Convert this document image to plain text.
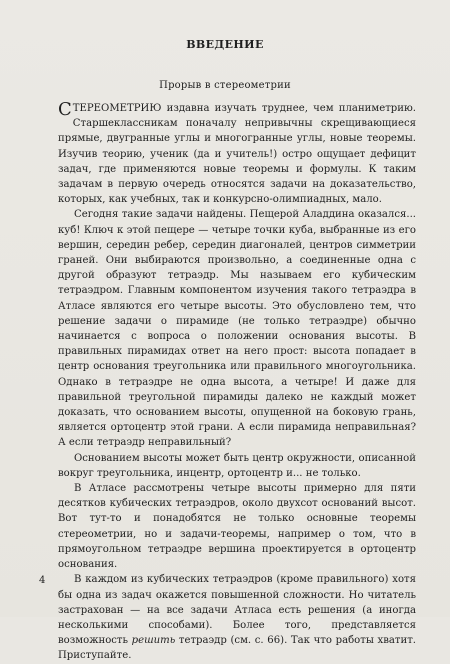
ВВЕДЕНИЕ
Прорыв в стереометрии

СТЕРЕОМЕТРИЮ издавна изучать труднее, чем планиметрию. Старшеклассникам поначалу непривычны скрещивающиеся прямые, двугранные углы и многогранные углы, новые теоремы. Изучив теорию, ученик (да и учитель!) остро ощущает дефицит задач, где применяются новые теоремы и формулы. К таким задачам в первую очередь относятся задачи на доказательство, которых, как учебных, так и конкурсно-олимпиадных, мало.

Сегодня такие задачи найдены. Пещерой Аладдина оказался... куб! Ключ к этой пещере — четыре точки куба, выбранные из его вершин, середин ребер, середин диагоналей, центров симметрии граней. Они выбираются произвольно, а соединенные одна с другой образуют тетраэдр. Мы называем его кубическим тетраэдром. Главным компонентом изучения такого тетраэдра в Атласе являются его четыре высоты. Это обусловлено тем, что решение задачи о пирамиде (не только тетраэдре) обычно начинается с вопроса о положении основания высоты. В правильных пирамидах ответ на него прост: высота попадает в центр основания треугольника или правильного многоугольника. Однако в тетраэдре не одна высота, а четыре! И даже для правильной треугольной пирамиды далеко не каждый может доказать, что основанием высоты, опущенной на боковую грань, является ортоцентр этой грани. А если пирамида неправильная? А если тетраэдр неправильный?

Основанием высоты может быть центр окружности, описанной вокруг треугольника, инцентр, ортоцентр и... не только.

В Атласе рассмотрены четыре высоты примерно для пяти десятков кубических тетраэдров, около двухсот оснований высот. Вот тут-то и понадобятся не только основные теоремы стереометрии, но и задачи-теоремы, например о том, что в прямоугольном тетраэдре вершина проектируется в ортоцентр основания.

В каждом из кубических тетраэдров (кроме правильного) хотя бы одна из задач окажется повышенной сложности. Но читатель застрахован — на все задачи Атласа есть решения (а иногда несколькими способами). Более того, представляется возможность решить тетраэдр (см. с. 66). Так что работы хватит. Приступайте.

4
